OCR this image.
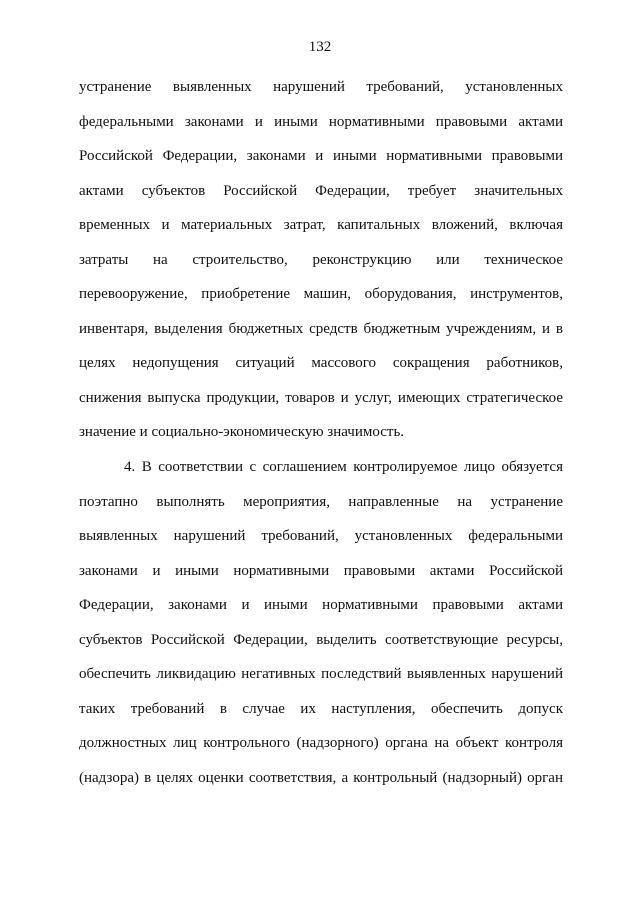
132
устранение выявленных нарушений требований, установленных
федеральными законами и иными нормативными правовыми актами
Российской Федерации, законами и иными нормативными правовыми
актами субъектов Российской Федерации, требует значительных
временных и материальных затрат, капитальных вложений, включая
затраты на строительство, реконструкцию или техническое
перевооружение, приобретение машин, оборудования, инструментов,
инвентаря, выделения бюджетных средств бюджетным учреждениям, и в
целях недопущения ситуаций массового сокращения работников,
снижения выпуска продукции, товаров и услуг, имеющих стратегическое
значение и социально-экономическую значимость.
4. В соответствии с соглашением контролируемое лицо обязуется
поэтапно выполнять мероприятия, направленные на устранение
выявленных нарушений требований, установленных федеральными
законами и иными нормативными правовыми актами Российской
Федерации, законами и иными нормативными правовыми актами
субъектов Российской Федерации, выделить соответствующие ресурсы,
обеспечить ликвидацию негативных последствий выявленных нарушений
таких требований в случае их наступления, обеспечить допуск
должностных лиц контрольного (надзорного) органа на объект контроля
(надзора) в целях оценки соответствия, а контрольный (надзорный) орган
